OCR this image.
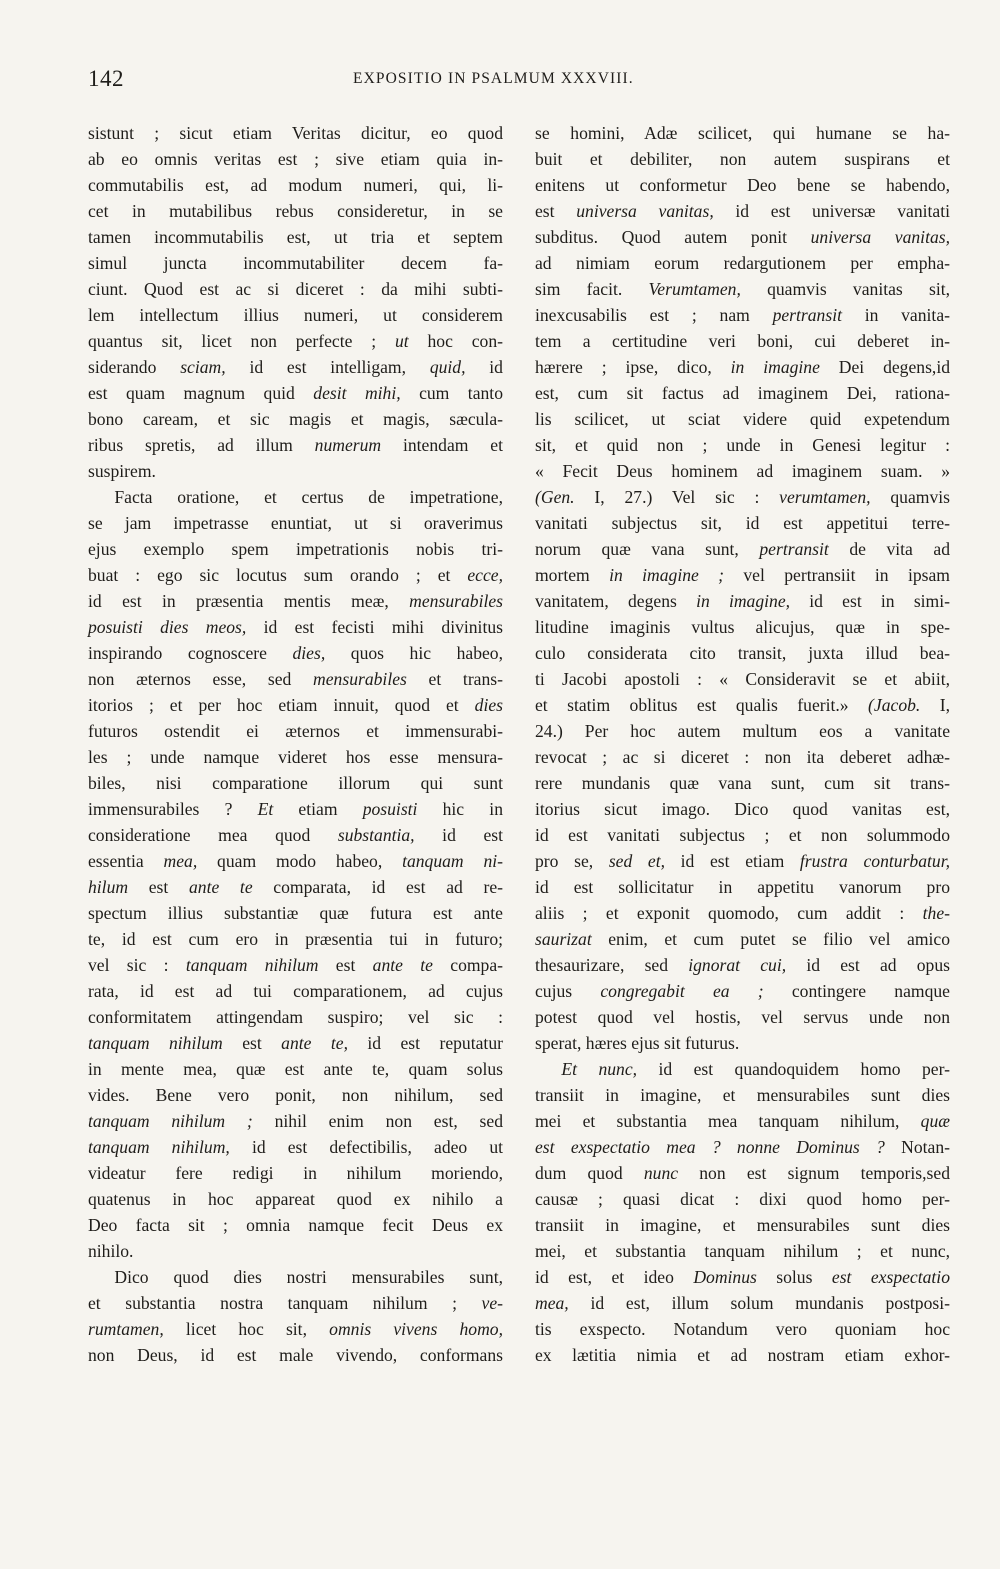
142	EXPOSITIO IN PSALMUM XXXVIII.
sistunt ; sicut etiam Veritas dicitur, eo quod
ab eo omnis veritas est ; sive etiam quia in-
commutabilis est, ad modum numeri, qui, li-
cet in mutabilibus rebus consideretur, in se
tamen incommutabilis est, ut tria et septem
simul juncta incommutabiliter decem fa-
ciunt. Quod est ac si diceret : da mihi subti-
lem intellectum illius numeri, ut considerem
quantus sit, licet non perfecte ; ut hoc con-
siderando sciam, id est intelligam, quid, id
est quam magnum quid desit mihi, cum tanto
bono caream, et sic magis et magis, sæcula-
ribus spretis, ad illum numerum intendam et
suspirem.
  Facta oratione, et certus de impetratione,
se jam impetrasse enuntiat, ut si oraverimus
ejus exemplo spem impetrationis nobis tri-
buat : ego sic locutus sum orando ; et ecce,
id est in præsentia mentis meæ, mensurabiles
posuisti dies meos, id est fecisti mihi divinitus
inspirando cognoscere dies, quos hic habeo,
non æternos esse, sed mensurabiles et trans-
itorios ; et per hoc etiam innuit, quod et dies
futuros ostendit ei æternos et immensurabi-
les ; unde namque videret hos esse mensura-
biles, nisi comparatione illorum qui sunt
immensurabiles ? Et etiam posuisti hic in
consideratione mea quod substantia, id est
essentia mea, quam modo habeo, tanquam ni-
hilum est ante te comparata, id est ad re-
spectum illius substantiæ quæ futura est ante
te, id est cum ero in præsentia tui in futuro;
vel sic : tanquam nihilum est ante te compa-
rata, id est ad tui comparationem, ad cujus
conformitatem attingendam suspiro; vel sic :
tanquam nihilum est ante te, id est reputatur
in mente mea, quæ est ante te, quam solus
vides. Bene vero ponit, non nihilum, sed
tanquam nihilum ; nihil enim non est, sed
tanquam nihilum, id est defectibilis, adeo ut
videatur fere redigi in nihilum moriendo,
quatenus in hoc appareat quod ex nihilo a
Deo facta sit ; omnia namque fecit Deus ex
nihilo.
  Dico quod dies nostri mensurabiles sunt,
et substantia nostra tanquam nihilum ; ve-
rumtamen, licet hoc sit, omnis vivens homo,
non Deus, id est male vivendo, conformans
se homini, Adæ scilicet, qui humane se ha-
buit et debiliter, non autem suspirans et
enitens ut conformetur Deo bene se habendo,
est universa vanitas, id est universæ vanitati
subditus. Quod autem ponit universa vanitas,
ad nimiam eorum redargutionem per empha-
sim facit. Verumtamen, quamvis vanitas sit,
inexcusabilis est ; nam pertransit in vanita-
tem a certitudine veri boni, cui deberet in-
hærere ; ipse, dico, in imagine Dei degens,id
est, cum sit factus ad imaginem Dei, rationa-
lis scilicet, ut sciat videre quid expetendum
sit, et quid non ; unde in Genesi legitur :
« Fecit Deus hominem ad imaginem suam. »
(Gen. I, 27.) Vel sic : verumtamen, quamvis
vanitati subjectus sit, id est appetitui terre-
norum quæ vana sunt, pertransit de vita ad
mortem in imagine ; vel pertransiit in ipsam
vanitatem, degens in imagine, id est in simi-
litudine imaginis vultus alicujus, quæ in spe-
culo considerata cito transit, juxta illud bea-
ti Jacobi apostoli : « Consideravit se et abiit,
et statim oblitus est qualis fuerit.» (Jacob. I,
24.) Per hoc autem multum eos a vanitate
revocat ; ac si diceret : non ita deberet adhæ-
rere mundanis quæ vana sunt, cum sit trans-
itorius sicut imago. Dico quod vanitas est,
id est vanitati subjectus ; et non solummodo
pro se, sed et, id est etiam frustra conturbatur,
id est sollicitatur in appetitu vanorum pro
aliis ; et exponit quomodo, cum addit : the-
saurizat enim, et cum putet se filio vel amico
thesaurizare, sed ignorat cui, id est ad opus
cujus congregabit ea ; contingere namque
potest quod vel hostis, vel servus unde non
sperat, hæres ejus sit futurus.
  Et nunc, id est quandoquidem homo per-
transiit in imagine, et mensurabiles sunt dies
mei et substantia mea tanquam nihilum, quæ
est exspectatio mea ? nonne Dominus ? Notan-
dum quod nunc non est signum temporis,sed
causæ ; quasi dicat : dixi quod homo per-
transiit in imagine, et mensurabiles sunt dies
mei, et substantia tanquam nihilum ; et nunc,
id est, et ideo Dominus solus est exspectatio
mea, id est, illum solum mundanis postposi-
tis exspecto. Notandum vero quoniam hoc
ex lætitia nimia et ad nostram etiam exhor-
